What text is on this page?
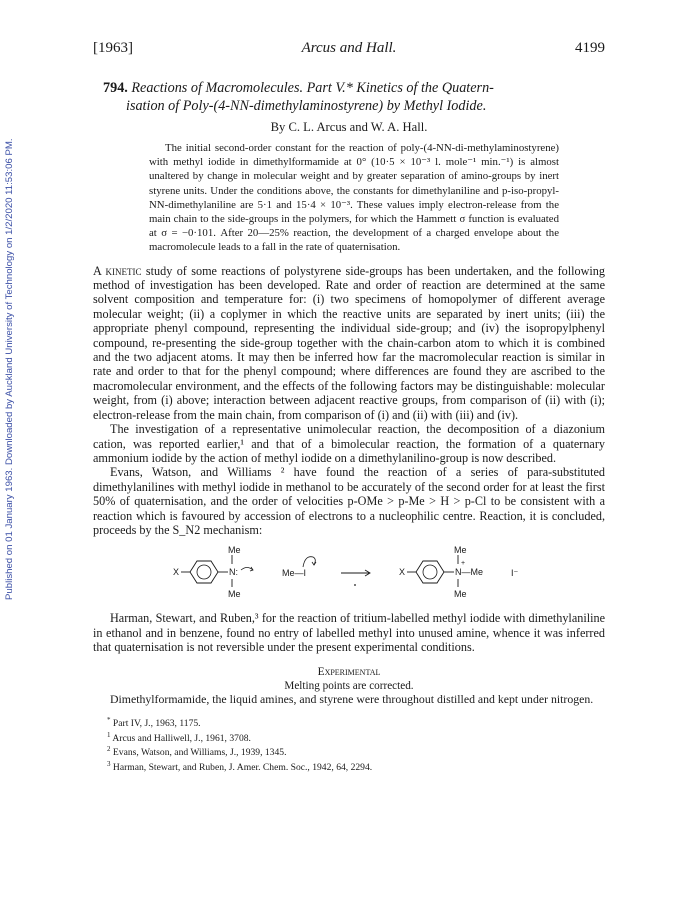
Published on 01 January 1963. Downloaded by Auckland University of Technology on 1/2/2020 11:53:06 PM.
[1963]	Arcus and Hall.	4199
794. Reactions of Macromolecules. Part V.* Kinetics of the Quatern-
isation of Poly-(4-NN-dimethylaminostyrene) by Methyl Iodide.
By C. L. Arcus and W. A. Hall.

The initial second-order constant for the reaction of poly-(4-NN-di-methylaminostyrene) with methyl iodide in dimethylformamide at 0° (10·5 × 10⁻³ l. mole⁻¹ min.⁻¹) is almost unaltered by change in molecular weight and by greater separation of amino-groups by inert styrene units. Under the conditions above, the constants for dimethylaniline and p-iso-propyl-NN-dimethylaniline are 5·1 and 15·4 × 10⁻³. These values imply electron-release from the main chain to the side-groups in the polymers, for which the Hammett σ function is evaluated at σ = −0·101. After 20—25% reaction, the development of a charged envelope about the macromolecule leads to a fall in the rate of quaternisation.

A kinetic study of some reactions of polystyrene side-groups has been undertaken, and the following method of investigation has been developed. Rate and order of reaction are determined at the same solvent composition and temperature for: (i) two specimens of homopolymer of different average molecular weight; (ii) a coplymer in which the reactive units are separated by inert units; (iii) the appropriate phenyl compound, representing the individual side-group; and (iv) the isopropylphenyl compound, re-presenting the side-group together with the chain-carbon atom to which it is combined and the two adjacent atoms. It may then be inferred how far the macromolecular reaction is similar in rate and order to that for the phenyl compound; where differences are found they are ascribed to the macromolecular environment, and the effects of the following factors may be distinguishable: molecular weight, from (i) above; interaction between adjacent reactive groups, from comparison of (ii) with (i); electron-release from the main chain, from comparison of (i) and (ii) with (iii) and (iv).

The investigation of a representative unimolecular reaction, the decomposition of a diazonium cation, was reported earlier,¹ and that of a bimolecular reaction, the formation of a quaternary ammonium iodide by the action of methyl iodide on a dimethylanilino-group is now described.

Evans, Watson, and Williams ² have found the reaction of a series of para-substituted dimethylanilines with methyl iodide in methanol to be accurately of the second order for at least the first 50% of quaternisation, and the order of velocities p-OMe > p-Me > H > p-Cl to be consistent with a reaction which is favoured by accession of electrons to a nucleophilic centre. Reaction, it is concluded, proceeds by the S_N2 mechanism:

X
Me
N:
Me
Me—I	X
Me
+
N—Me
Me
I⁻

Harman, Stewart, and Ruben,³ for the reaction of tritium-labelled methyl iodide with dimethylaniline in ethanol and in benzene, found no entry of labelled methyl into unused amine, whence it was inferred that quaternisation is not reversible under the present experimental conditions.

Experimental
Melting points are corrected.

Dimethylformamide, the liquid amines, and styrene were throughout distilled and kept under nitrogen.

* Part IV, J., 1963, 1175.
$^1$ Arcus and Halliwell, J., 1961, 3708.
$^2$ Evans, Watson, and Williams, J., 1939, 1345.
$^3$ Harman, Stewart, and Ruben, J. Amer. Chem. Soc., 1942, 64, 2294.
